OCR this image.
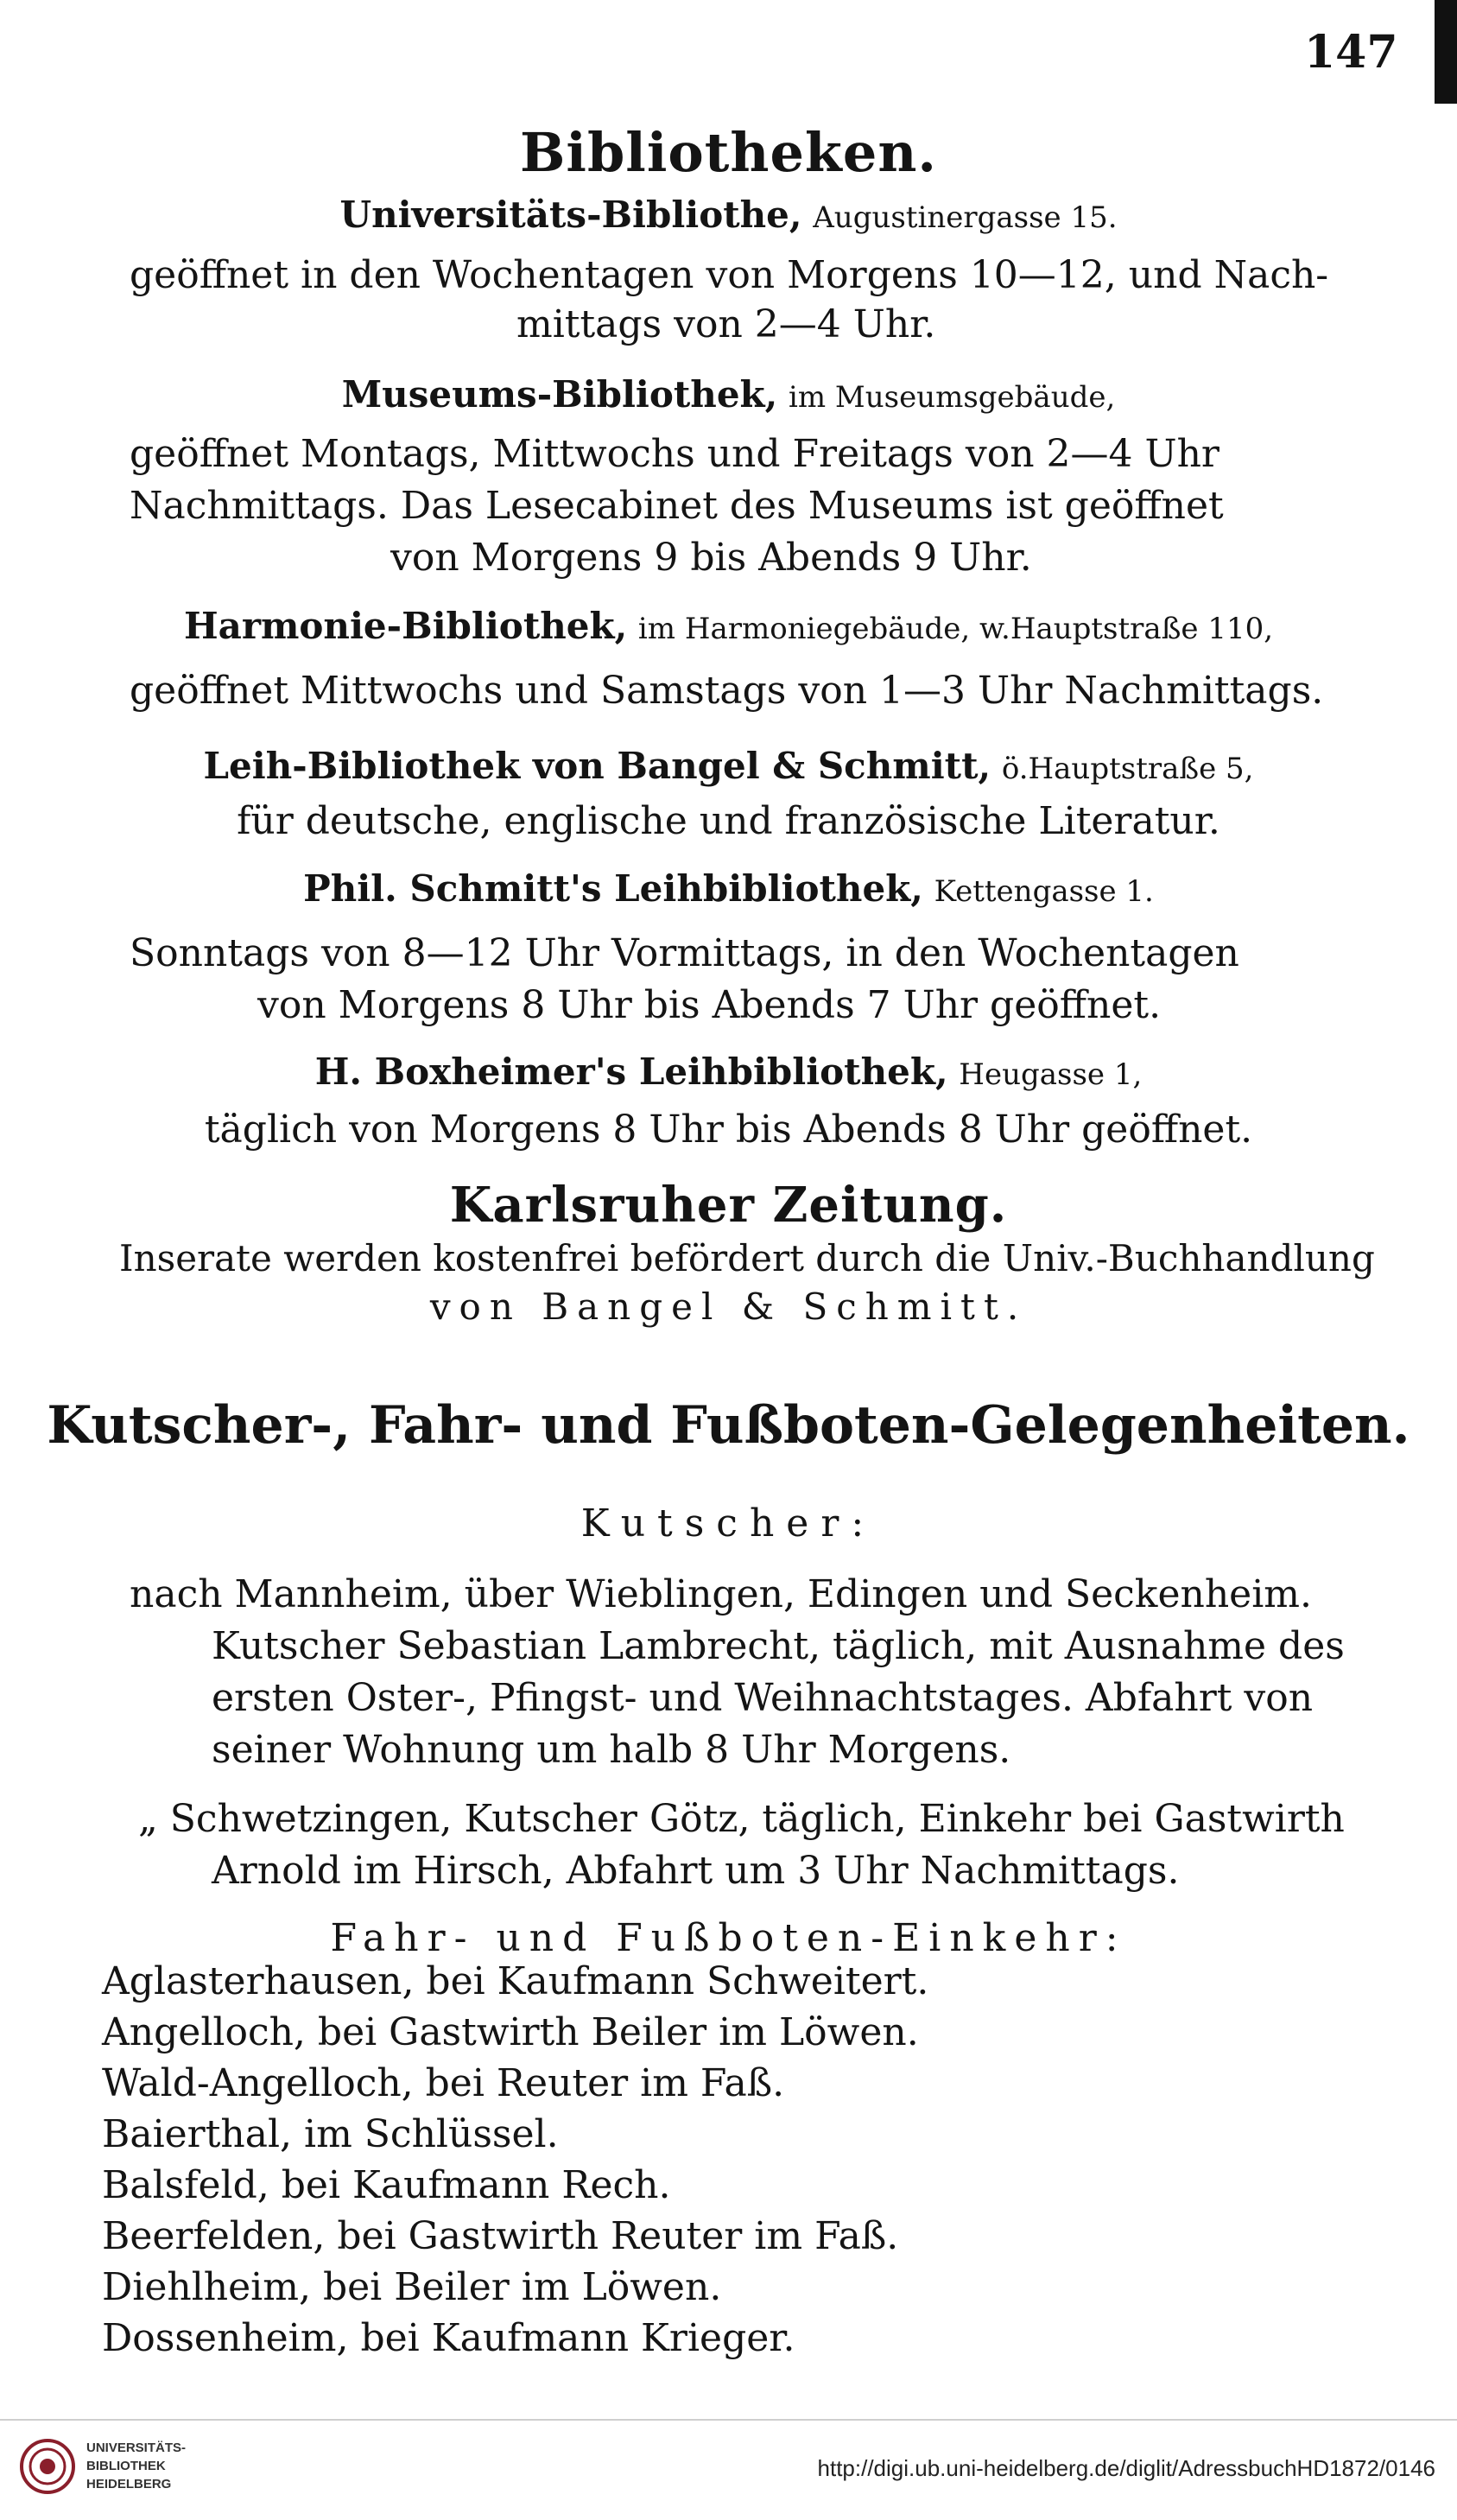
147
Bibliotheken.
Universitäts-Bibliothe, Augustinergasse 15.
geöffnet in den Wochentagen von Morgens 10—12, und Nach-
mittags von 2—4 Uhr.
Museums-Bibliothek, im Museumsgebäude,
geöffnet Montags, Mittwochs und Freitags von 2—4 Uhr
Nachmittags. Das Lesecabinet des Museums ist geöffnet
von Morgens 9 bis Abends 9 Uhr.
Harmonie-Bibliothek, im Harmoniegebäude, w.Hauptstraße 110,
geöffnet Mittwochs und Samstags von 1—3 Uhr Nachmittags.
Leih-Bibliothek von Bangel & Schmitt, ö.Hauptstraße 5,
für deutsche, englische und französische Literatur.
Phil. Schmitt's Leihbibliothek, Kettengasse 1.
Sonntags von 8—12 Uhr Vormittags, in den Wochentagen
von Morgens 8 Uhr bis Abends 7 Uhr geöffnet.
H. Boxheimer's Leihbibliothek, Heugasse 1,
täglich von Morgens 8 Uhr bis Abends 8 Uhr geöffnet.
Karlsruher Zeitung.
Inserate werden kostenfrei befördert durch die Univ.-Buchhandlung
von Bangel & Schmitt.
Kutscher-, Fahr- und Fußboten-Gelegenheiten.
Kutscher:
nach Mannheim, über Wieblingen, Edingen und Seckenheim.
Kutscher Sebastian Lambrecht, täglich, mit Ausnahme des
ersten Oster-, Pfingst- und Weihnachtstages. Abfahrt von
seiner Wohnung um halb 8 Uhr Morgens.
„ Schwetzingen, Kutscher Götz, täglich, Einkehr bei Gastwirth
Arnold im Hirsch, Abfahrt um 3 Uhr Nachmittags.
Fahr- und Fußboten-Einkehr:
Aglasterhausen, bei Kaufmann Schweitert.
Angelloch, bei Gastwirth Beiler im Löwen.
Wald-Angelloch, bei Reuter im Faß.
Baierthal, im Schlüssel.
Balsfeld, bei Kaufmann Rech.
Beerfelden, bei Gastwirth Reuter im Faß.
Diehlheim, bei Beiler im Löwen.
Dossenheim, bei Kaufmann Krieger.
UNIVERSITÄTS-
BIBLIOTHEK
HEIDELBERG
http://digi.ub.uni-heidelberg.de/diglit/AdressbuchHD1872/0146
